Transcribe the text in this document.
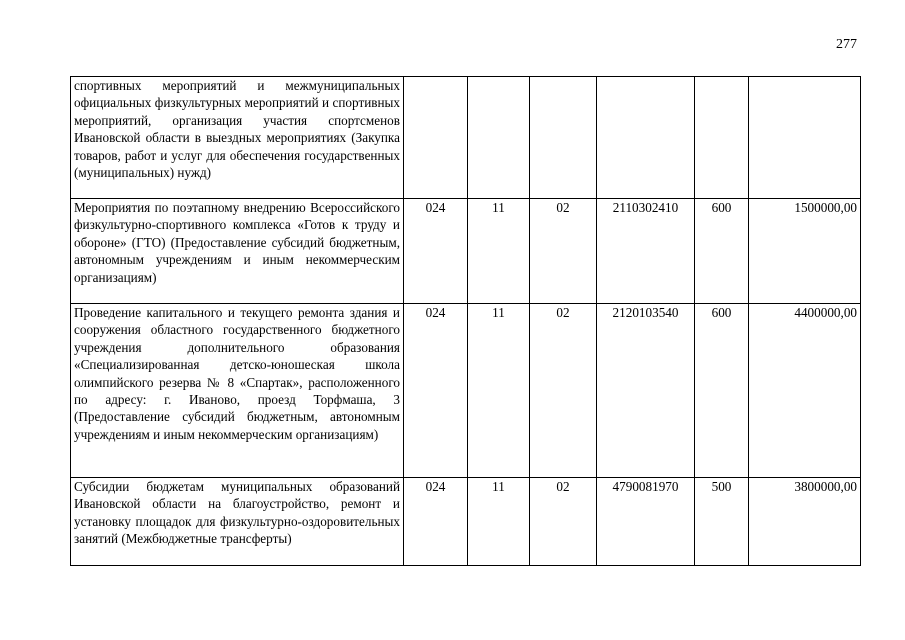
277
спортивных мероприятий и межмуниципальных официальных физкультурных мероприятий и спортивных мероприятий, организация участия спортсменов Ивановской области в выездных мероприятиях (Закупка товаров, работ и услуг для обеспечения государственных (муниципальных) нужд)						

Мероприятия по поэтапному внедрению Всероссийского физкультурно-спортивного комплекса «Готов к труду и обороне» (ГТО) (Предоставление субсидий бюджетным, автономным учреждениям и иным некоммерческим организациям)	024	11	02	2110302410	600	1500000,00

Проведение капитального и текущего ремонта здания и сооружения областного государственного бюджетного учреждения дополнительного образования «Специализированная детско-юношеская школа олимпийского резерва № 8 «Спартак», расположенного по адресу: г. Иваново, проезд Торфмаша, 3 (Предоставление субсидий бюджетным, автономным учреждениям и иным некоммерческим организациям)	024	11	02	2120103540	600	4400000,00

Субсидии бюджетам муниципальных образований Ивановской области на благоустройство, ремонт и установку площадок для физкультурно-оздоровительных занятий (Межбюджетные трансферты)	024	11	02	4790081970	500	3800000,00
